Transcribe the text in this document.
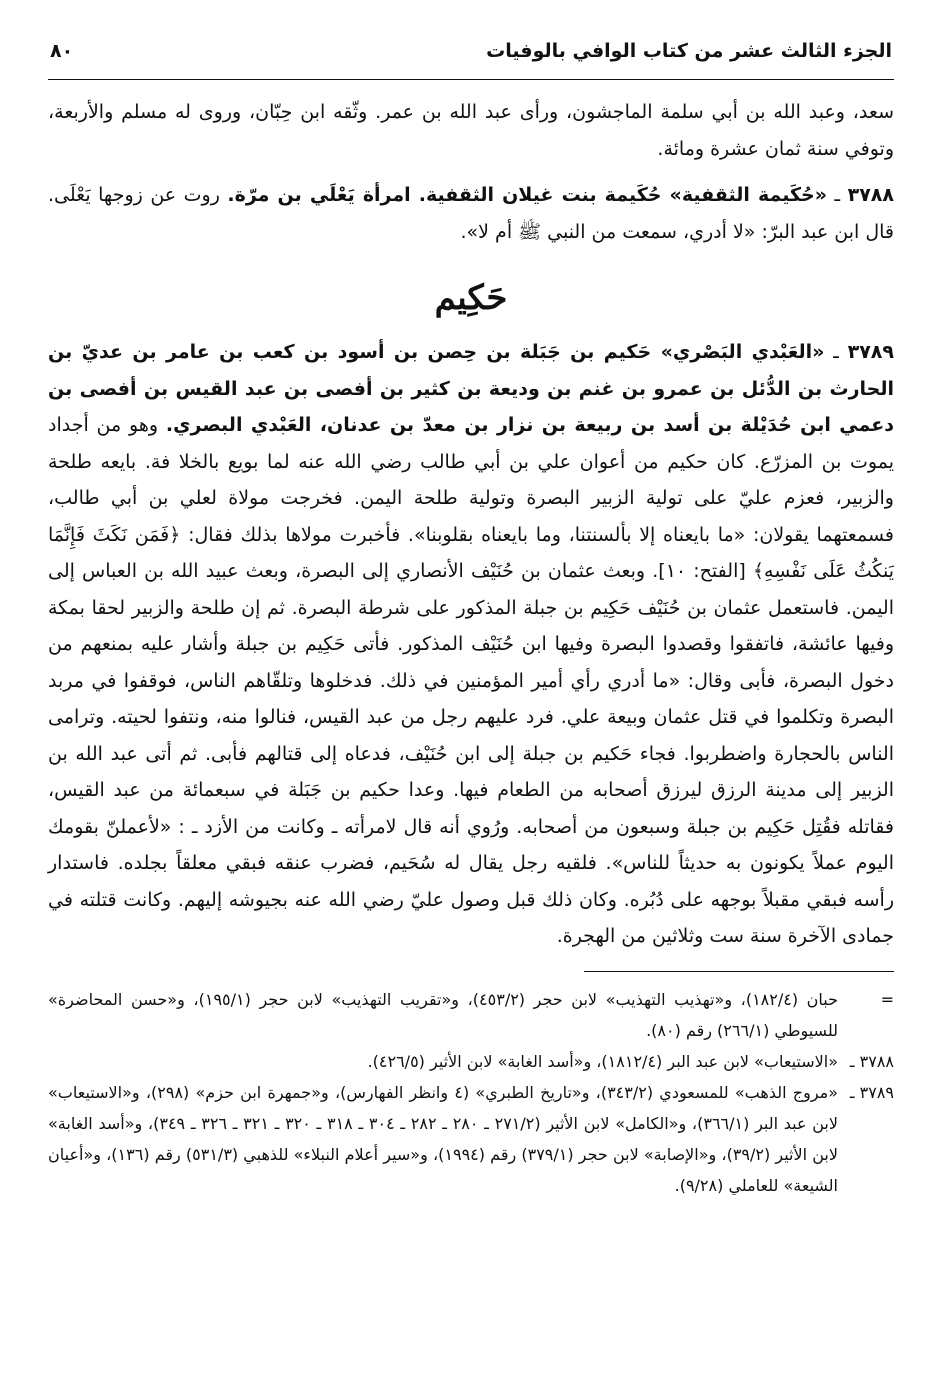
الجزء الثالث عشر من كتاب الوافي بالوفيات
٨٠

سعد، وعبد الله بن أبي سلمة الماجشون، ورأى عبد الله بن عمر. وثّقه ابن حِبّان، وروى له مسلم والأربعة، وتوفي سنة ثمان عشرة ومائة.

٣٧٨٨ ـ «حُكَيمة الثقفية» حُكَيمة بنت غيلان الثقفية. امرأة يَعْلَي بن مرّة. روت عن زوجها يَعْلَى. قال ابن عبد البرّ: «لا أدري، سمعت من النبي ﷺ أم لا».

حَكِيم

٣٧٨٩ ـ «العَبْدي البَصْري» حَكيم بن جَبَلة بن حِصن بن أسود بن كعب بن عامر بن عديّ بن الحارث بن الدُّئل بن عمرو بن غنم بن وديعة بن كثير بن أفصى بن عبد القيس بن أفصى بن دعمي ابن حُدَيْلة بن أسد بن ربيعة بن نزار بن معدّ بن عدنان، العَبْدي البصري. وهو من أجداد يموت بن المزرّع. كان حكيم من أعوان علي بن أبي طالب رضي الله عنه لما بويع بالخلا فة. بايعه طلحة والزبير، فعزم عليّ على تولية الزبير البصرة وتولية طلحة اليمن. فخرجت مولاة لعلي بن أبي طالب، فسمعتهما يقولان: «ما بايعناه إلا بألسنتنا، وما بايعناه بقلوبنا». فأخبرت مولاها بذلك فقال: ﴿فَمَن نَكَثَ فَإِنَّمَا يَنكُثُ عَلَى نَفْسِهِ﴾ [الفتح: ١٠]. وبعث عثمان بن حُنَيْف الأنصاري إلى البصرة، وبعث عبيد الله بن العباس إلى اليمن. فاستعمل عثمان بن حُنَيْف حَكِيم بن جبلة المذكور على شرطة البصرة. ثم إن طلحة والزبير لحقا بمكة وفيها عائشة، فاتفقوا وقصدوا البصرة وفيها ابن حُنَيْف المذكور. فأتى حَكِيم بن جبلة وأشار عليه بمنعهم من دخول البصرة، فأبى وقال: «ما أدري رأي أمير المؤمنين في ذلك. فدخلوها وتلقّاهم الناس، فوقفوا في مربد البصرة وتكلموا في قتل عثمان وبيعة علي. فرد عليهم رجل من عبد القيس، فنالوا منه، ونتفوا لحيته. وترامى الناس بالحجارة واضطربوا. فجاء حَكيم بن جبلة إلى ابن حُنَيْف، فدعاه إلى قتالهم فأبى. ثم أتى عبد الله بن الزبير إلى مدينة الرزق ليرزق أصحابه من الطعام فيها. وعدا حكيم بن جَبَلة في سبعمائة من عبد القيس، فقاتله فقُتِل حَكِيم بن جبلة وسبعون من أصحابه. ورُوي أنه قال لامرأته ـ وكانت من الأزد ـ : «لأعملنّ بقومك اليوم عملاً يكونون به حديثاً للناس». فلقيه رجل يقال له سُحَيم، فضرب عنقه فبقي معلقاً بجلده. فاستدار رأسه فبقي مقبلاً بوجهه على دُبُره. وكان ذلك قبل وصول عليّ رضي الله عنه بجيوشه إليهم. وكانت قتلته في جمادى الآخرة سنة ست وثلاثين من الهجرة.

=
حبان (١٨٢/٤)، و«تهذيب التهذيب» لابن حجر (٤٥٣/٢)، و«تقريب التهذيب» لابن حجر (١٩٥/١)، و«حسن المحاضرة» للسيوطي (٢٦٦/١) رقم (٨٠).
٣٧٨٨ ـ
«الاستيعاب» لابن عبد البر (١٨١٢/٤)، و«أسد الغابة» لابن الأثير (٤٢٦/٥).
٣٧٨٩ ـ
«مروج الذهب» للمسعودي (٣٤٣/٢)، و«تاريخ الطبري» (٤ وانظر الفهارس)، و«جمهرة ابن حزم» (٢٩٨)، و«الاستيعاب» لابن عبد البر (٣٦٦/١)، و«الكامل» لابن الأثير (٢٧١/٢ ـ ٢٨٠ ـ ٢٨٢ ـ ٣٠٤ ـ ٣١٨ ـ ٣٢٠ ـ ٣٢١ ـ ٣٢٦ ـ ٣٤٩)، و«أسد الغابة» لابن الأثير (٣٩/٢)، و«الإصابة» لابن حجر (٣٧٩/١) رقم (١٩٩٤)، و«سير أعلام النبلاء» للذهبي (٥٣١/٣) رقم (١٣٦)، و«أعيان الشيعة» للعاملي (٩/٢٨).
